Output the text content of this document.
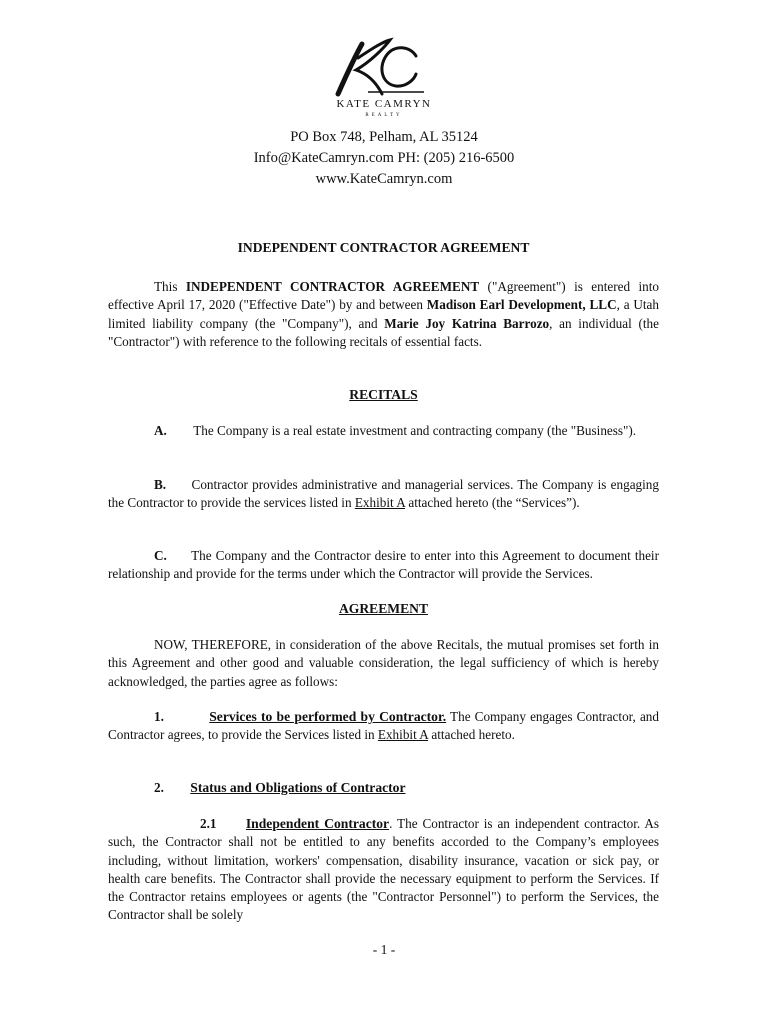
KATE CAMRYN
REALTY
PO Box 748, Pelham, AL 35124
Info@KateCamryn.com PH: (205) 216-6500
www.KateCamryn.com
INDEPENDENT CONTRACTOR AGREEMENT
This INDEPENDENT CONTRACTOR AGREEMENT ("Agreement") is entered into effective April 17, 2020 ("Effective Date") by and between Madison Earl Development, LLC, a Utah limited liability company (the "Company"), and Marie Joy Katrina Barrozo, an individual (the "Contractor") with reference to the following recitals of essential facts.
RECITALS
A. The Company is a real estate investment and contracting company (the "Business").
B. Contractor provides administrative and managerial services. The Company is engaging the Contractor to provide the services listed in Exhibit A attached hereto (the “Services”).
C. The Company and the Contractor desire to enter into this Agreement to document their relationship and provide for the terms under which the Contractor will provide the Services.
AGREEMENT
NOW, THEREFORE, in consideration of the above Recitals, the mutual promises set forth in this Agreement and other good and valuable consideration, the legal sufficiency of which is hereby acknowledged, the parties agree as follows:
1.	Services to be performed by Contractor. The Company engages Contractor, and Contractor agrees, to provide the Services listed in Exhibit A attached hereto.
2. Status and Obligations of Contractor
2.1 Independent Contractor. The Contractor is an independent contractor. As such, the Contractor shall not be entitled to any benefits accorded to the Company’s employees including, without limitation, workers' compensation, disability insurance, vacation or sick pay, or health care benefits. The Contractor shall provide the necessary equipment to perform the Services. If the Contractor retains employees or agents (the "Contractor Personnel") to perform the Services, the Contractor shall be solely
- 1 -
